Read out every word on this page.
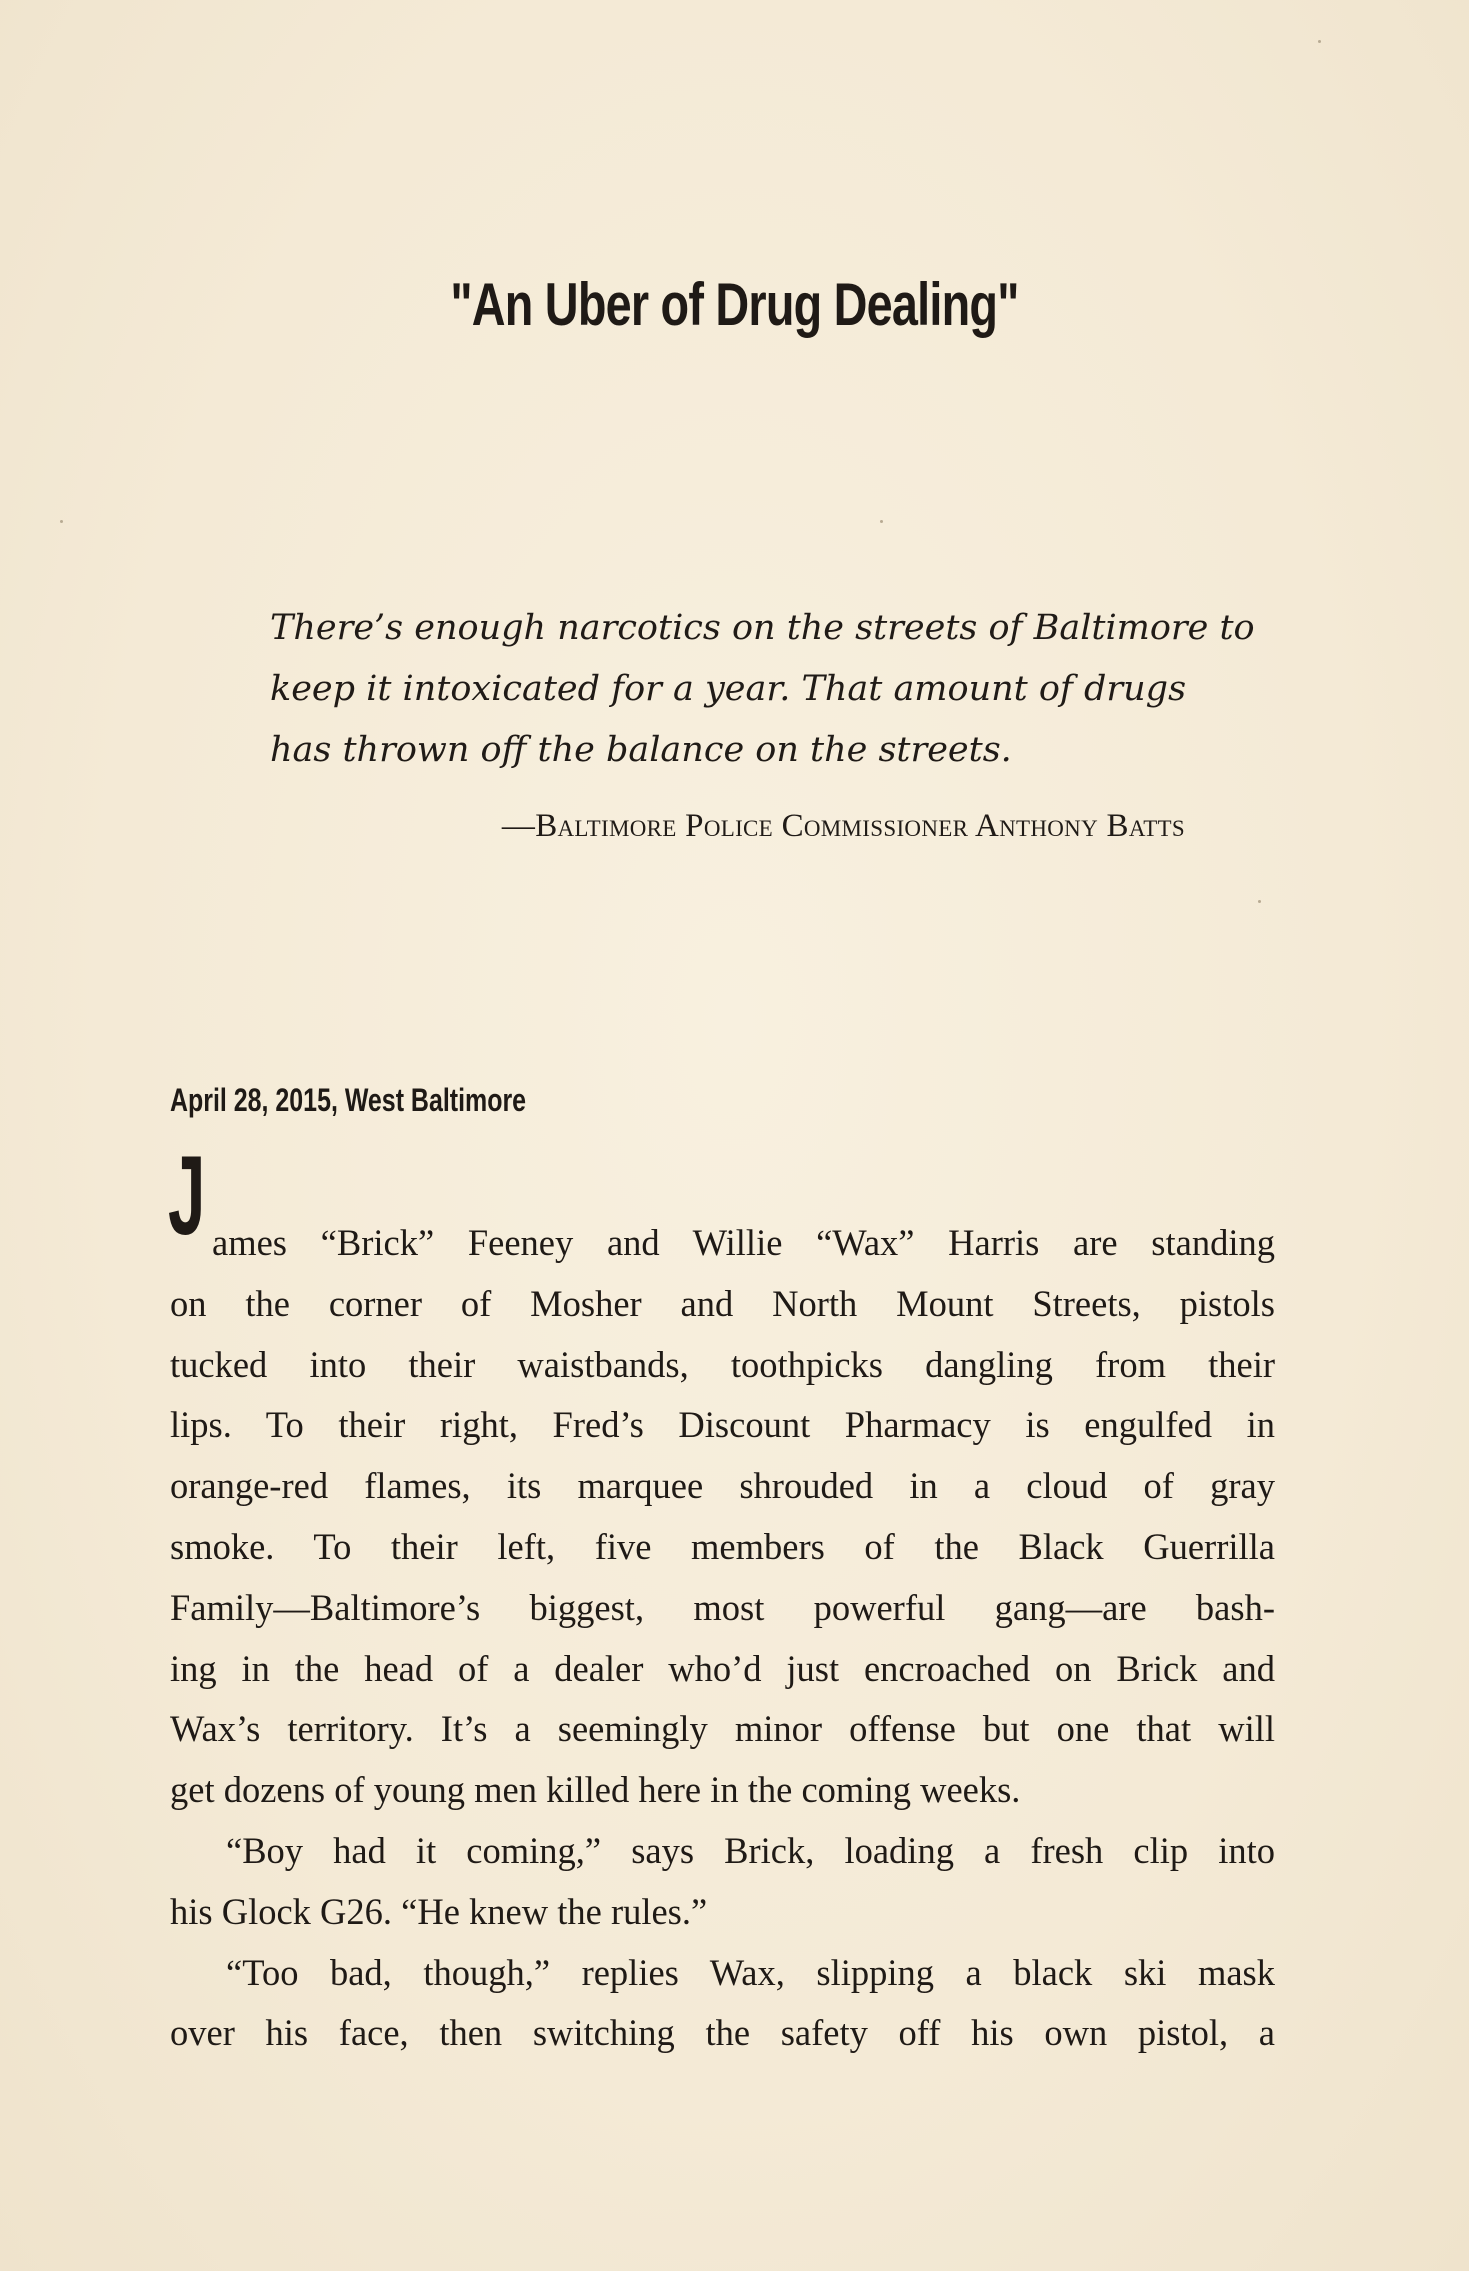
"An Uber of Drug Dealing"
There’s enough narcotics on the streets of Baltimore to
keep it intoxicated for a year. That amount of drugs
has thrown off the balance on the streets.

—Baltimore Police Commissioner Anthony Batts

April 28, 2015, West Baltimore

J ames “Brick” Feeney and Willie “Wax” Harris are standing
on the corner of Mosher and North Mount Streets, pistols
tucked into their waistbands, toothpicks dangling from their
lips. To their right, Fred’s Discount Pharmacy is engulfed in
orange-red flames, its marquee shrouded in a cloud of gray
smoke. To their left, five members of the Black Guerrilla
Family—Baltimore’s biggest, most powerful gang—are bash-
ing in the head of a dealer who’d just encroached on Brick and
Wax’s territory. It’s a seemingly minor offense but one that will
get dozens of young men killed here in the coming weeks.

“Boy had it coming,” says Brick, loading a fresh clip into
his Glock G26. “He knew the rules.”

“Too bad, though,” replies Wax, slipping a black ski mask
over his face, then switching the safety off his own pistol, a
